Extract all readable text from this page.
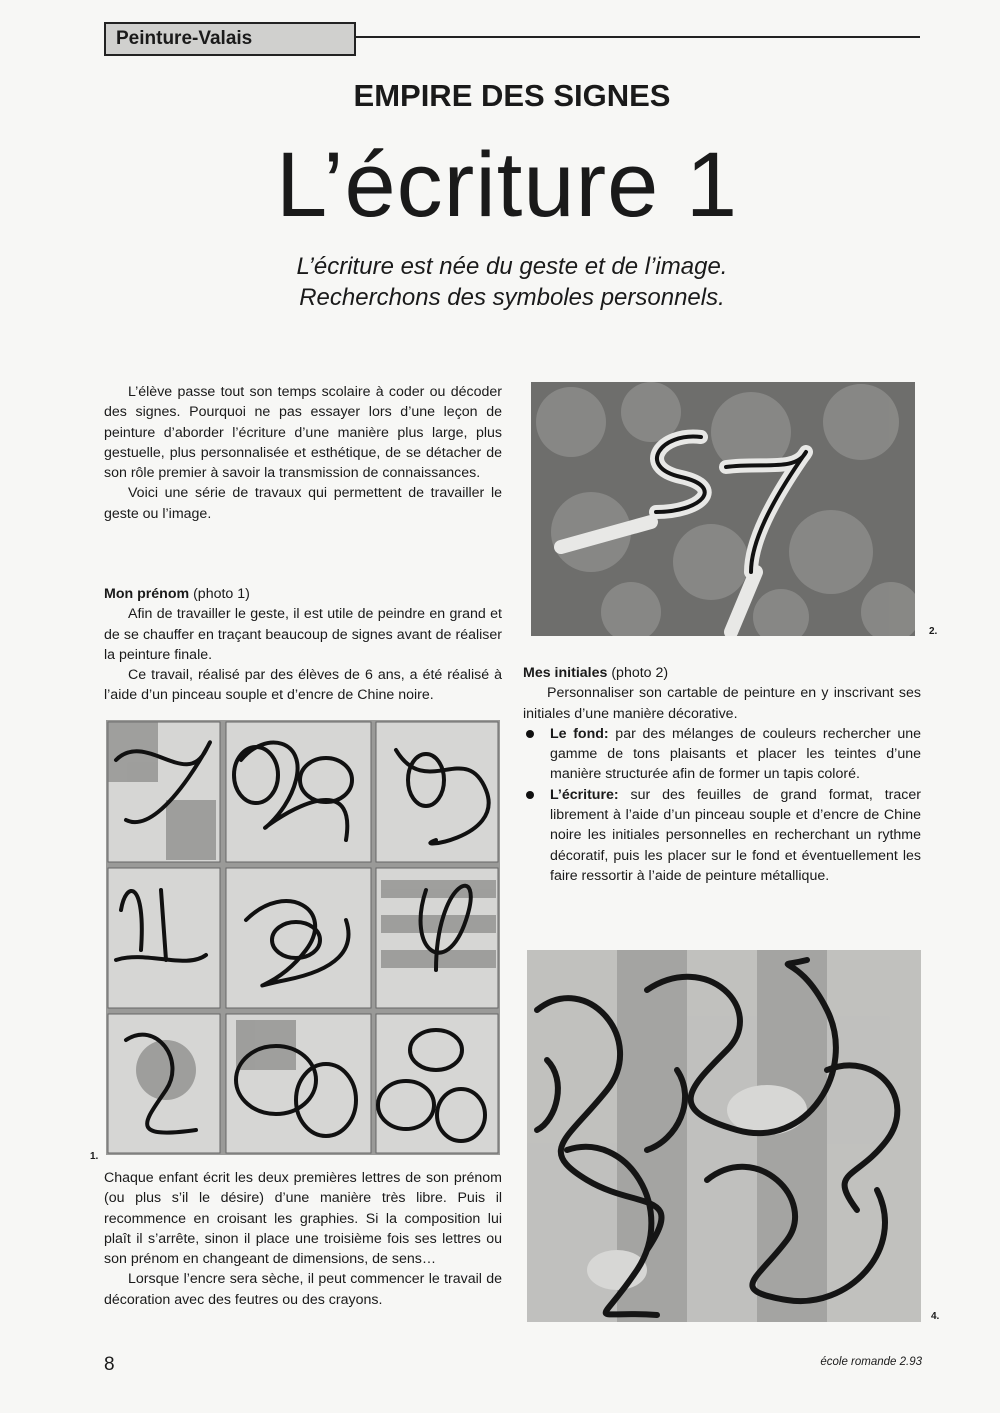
Peinture-Valais
EMPIRE DES SIGNES
L’écriture 1
L’écriture est née du geste et de l’image.
Recherchons des symboles personnels.

L’élève passe tout son temps scolaire à coder ou décoder des signes. Pourquoi ne pas essayer lors d’une leçon de peinture d’aborder l’écriture d’une manière plus large, plus gestuelle, plus personnalisée et esthétique, de se détacher de son rôle premier à savoir la transmission de connaissances.

Voici une série de travaux qui permettent de travailler le geste ou l’image.

Mon prénom (photo 1)

Afin de travailler le geste, il est utile de peindre en grand et de se chauffer en traçant beaucoup de signes avant de réaliser la peinture finale.

Ce travail, réalisé par des élèves de 6 ans, a été réalisé à l’aide d’un pinceau souple et d’encre de Chine noire.

1.

Chaque enfant écrit les deux premières lettres de son prénom (ou plus s’il le désire) d’une manière très libre. Puis il recommence en croisant les graphies. Si la composition lui plaît il s’arrête, sinon il place une troisième fois ses lettres ou son prénom en changeant de dimensions, de sens…

Lorsque l’encre sera sèche, il peut commencer le travail de décoration avec des feutres ou des crayons.

2.

Mes initiales (photo 2)

Personnaliser son cartable de peinture en y inscrivant ses initiales d’une manière décorative.

Le fond: par des mélanges de couleurs rechercher une gamme de tons plaisants et placer les teintes d’une manière structurée afin de former un tapis coloré.
L’écriture: sur des feuilles de grand format, tracer librement à l’aide d’un pinceau souple et d’encre de Chine noire les initiales personnelles en recherchant un rythme décoratif, puis les placer sur le fond et éventuellement les faire ressortir à l’aide de peinture métallique.
4.
8	école romande 2.93
